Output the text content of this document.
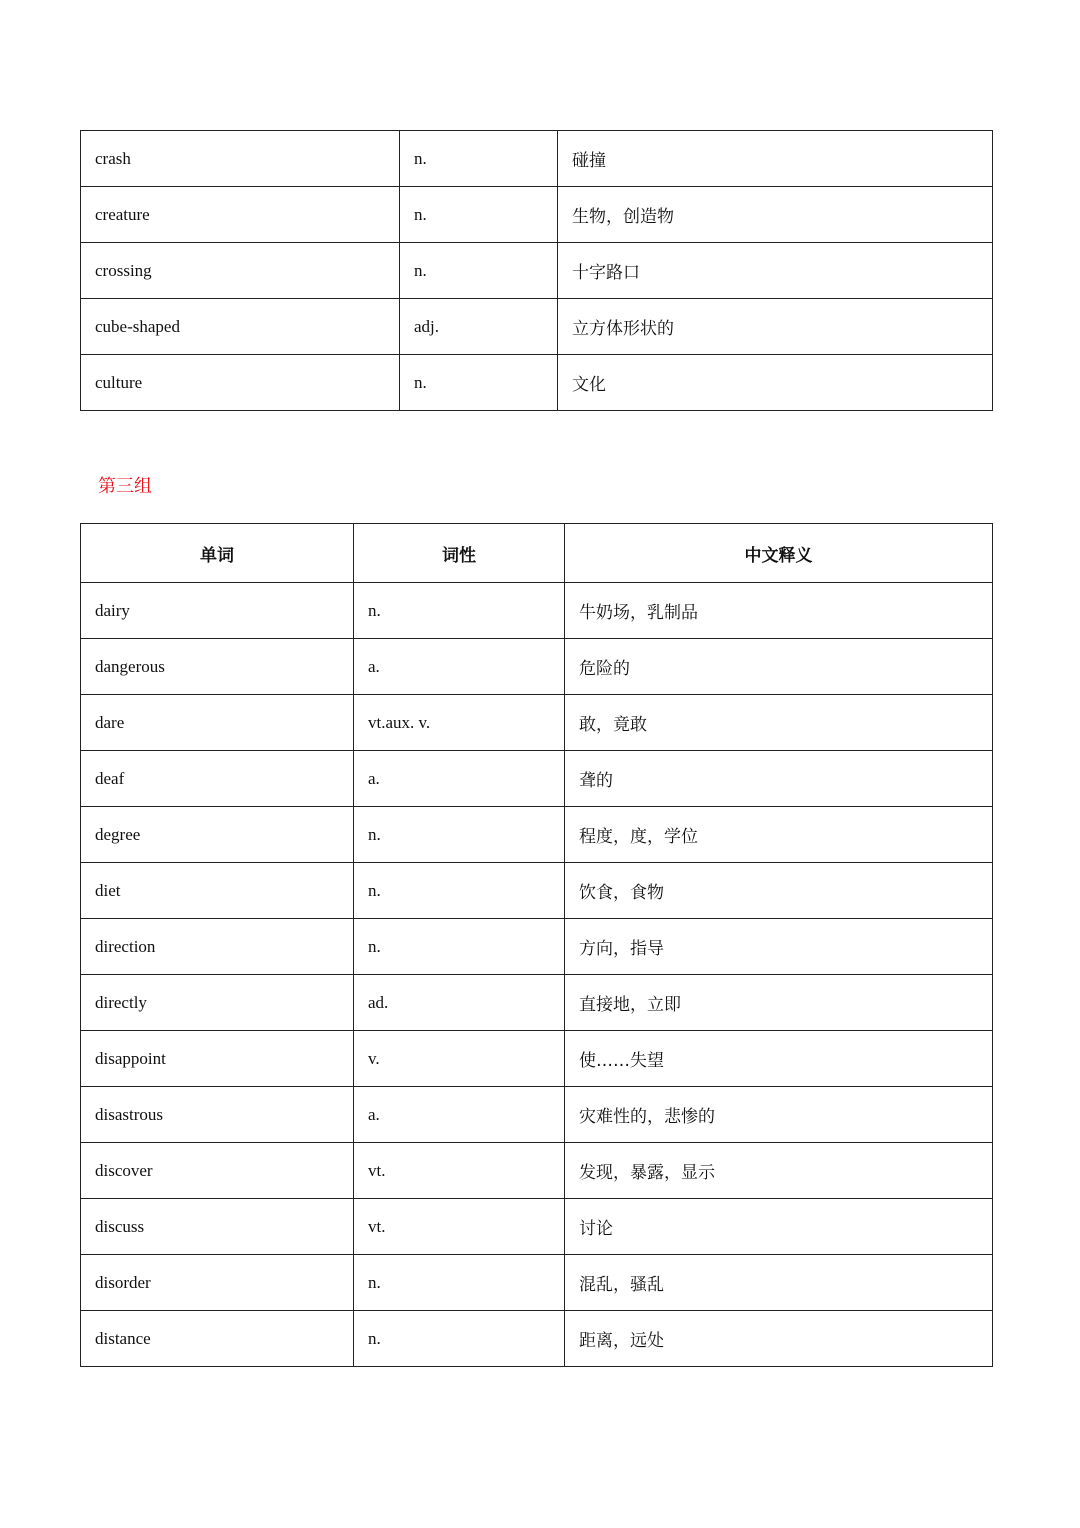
crash	n.	碰撞
creature	n.	生物，创造物
crossing	n.	十字路口
cube-shaped	adj.	立方体形状的
culture	n.	文化
第三组
单词	词性	中文释义
dairy	n.	牛奶场，乳制品
dangerous	a.	危险的
dare	vt.aux. v.	敢，竟敢
deaf	a.	聋的
degree	n.	程度，度，学位
diet	n.	饮食，食物
direction	n.	方向，指导
directly	ad.	直接地，立即
disappoint	v.	使……失望
disastrous	a.	灾难性的，悲惨的
discover	vt.	发现，暴露，显示
discuss	vt.	讨论
disorder	n.	混乱，骚乱
distance	n.	距离，远处
